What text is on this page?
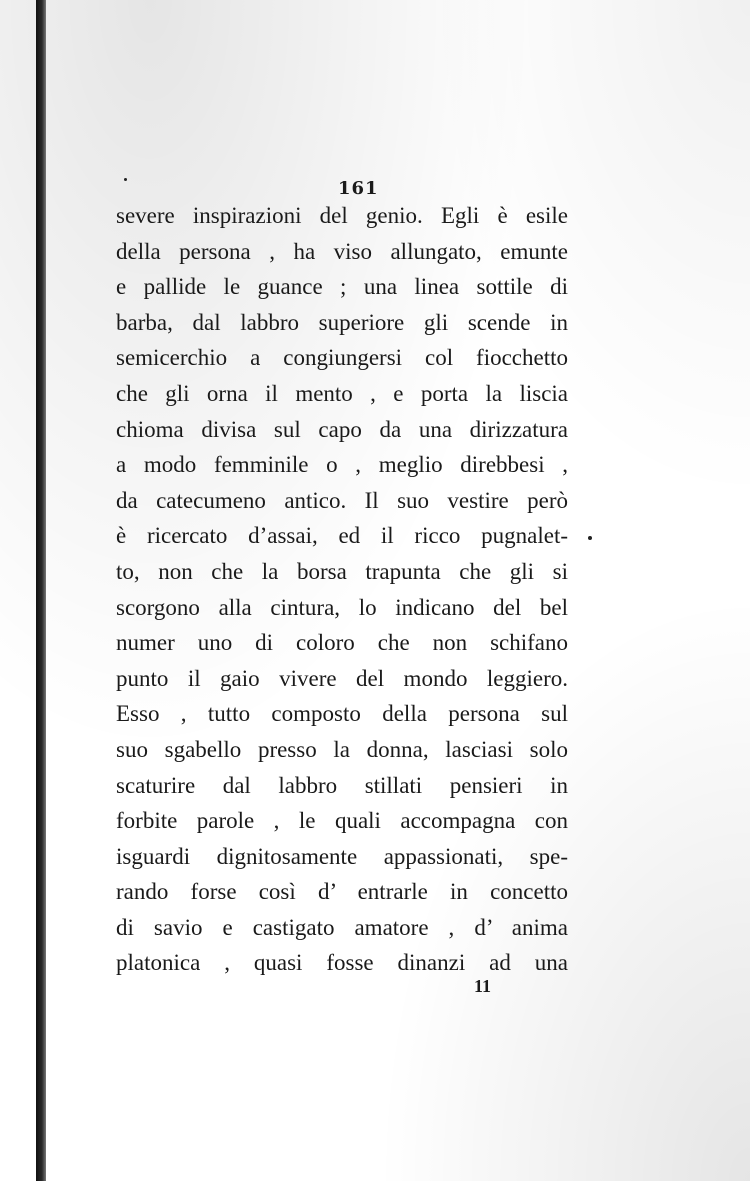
161
severe inspirazioni del genio. Egli è esile
della persona , ha viso allungato, emunte
e pallide le guance ; una linea sottile di
barba, dal labbro superiore gli scende in
semicerchio a congiungersi col fiocchetto
che gli orna il mento , e porta la liscia
chioma divisa sul capo da una dirizzatura
a modo femminile o , meglio direbbesi ,
da catecumeno antico. Il suo vestire però
è ricercato d’assai, ed il ricco pugnalet-
to, non che la borsa trapunta che gli si
scorgono alla cintura, lo indicano del bel
numer uno di coloro che non schifano
punto il gaio vivere del mondo leggiero.
Esso , tutto composto della persona sul
suo sgabello presso la donna, lasciasi solo
scaturire dal labbro stillati pensieri in
forbite parole , le quali accompagna con
isguardi dignitosamente appassionati, spe-
rando forse così d’ entrarle in concetto
di savio e castigato amatore , d’ anima
platonica , quasi fosse dinanzi ad una
11
